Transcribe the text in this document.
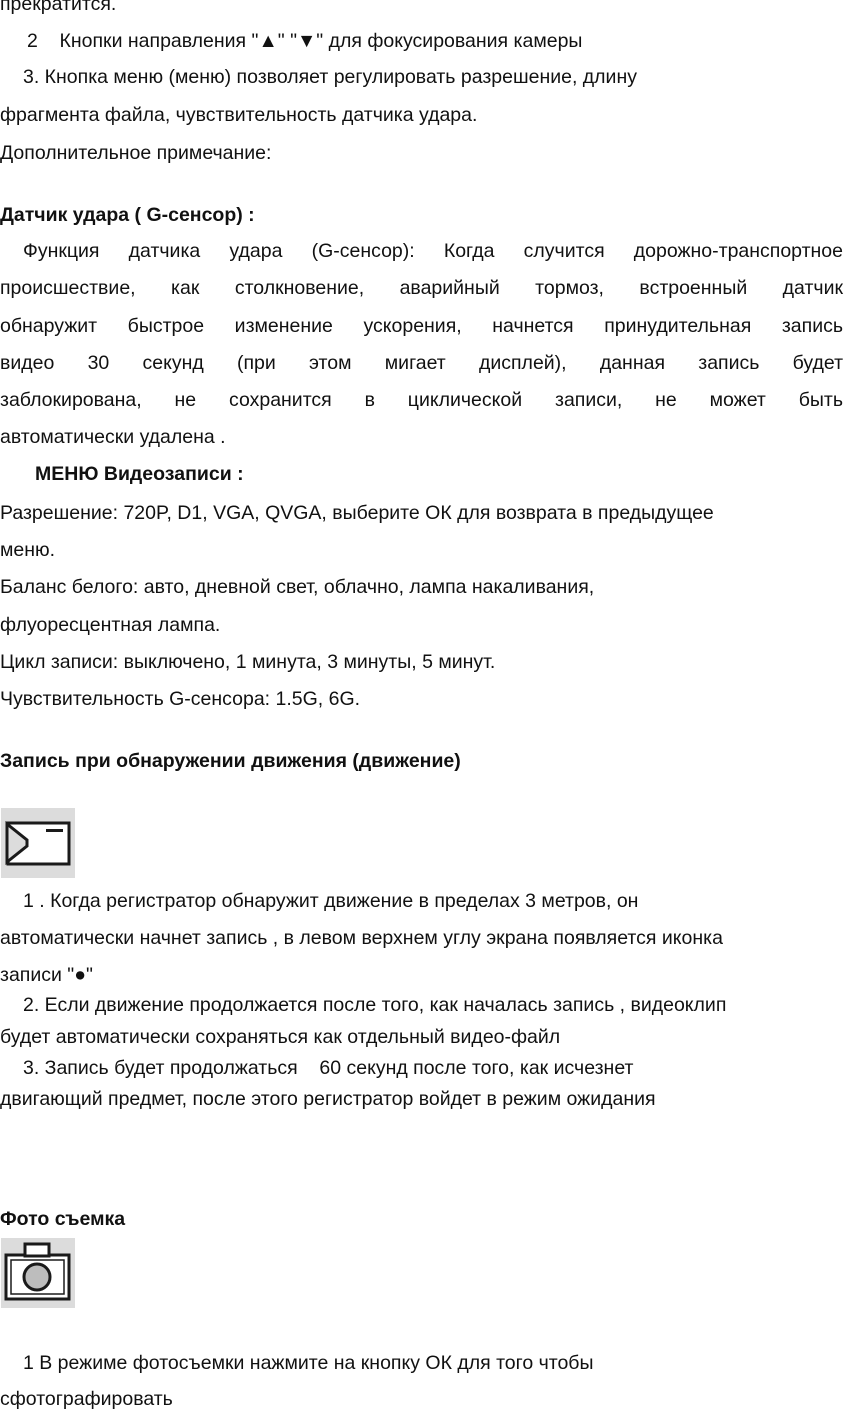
прекратится.
2    Кнопки направления "▲" "▼" для фокусирования камеры
3. Кнопка меню (меню) позволяет регулировать разрешение, длину
фрагмента файла, чувствительность датчика удара.
Дополнительное примечание:
Датчик удара ( G-сенсор) :
Функция датчика удара (G-сенсор): Когда случится дорожно-транспортное
происшествие, как столкновение, аварийный тормоз, встроенный датчик
обнаружит быстрое изменение ускорения, начнется принудительная запись
видео 30 секунд (при этом мигает дисплей), данная запись будет
заблокирована, не сохранится в циклической записи, не может быть
автоматически удалена .
МЕНЮ Видеозаписи :
Разрешение: 720P, D1, VGA, QVGA, выберите ОК для возврата в предыдущее
меню.
Баланс белого: авто, дневной свет, облачно, лампа накаливания,
флуоресцентная лампа.
Цикл записи: выключено, 1 минута, 3 минуты, 5 минут.
Чувствительность G-сенсора: 1.5G, 6G.
Запись при обнаружении движения (движение)
1 . Когда регистратор обнаружит движение в пределах 3 метров, он
автоматически начнет запись , в левом верхнем углу экрана появляется иконка
записи "●"
2. Если движение продолжается после того, как началась запись , видеоклип
будет автоматически сохраняться как отдельный видео-файл
3. Запись будет продолжаться    60 секунд после того, как исчезнет
двигающий предмет, после этого регистратор войдет в режим ожидания
Фото съемка
1 В режиме фотосъемки нажмите на кнопку ОК для того чтобы
сфотографировать
